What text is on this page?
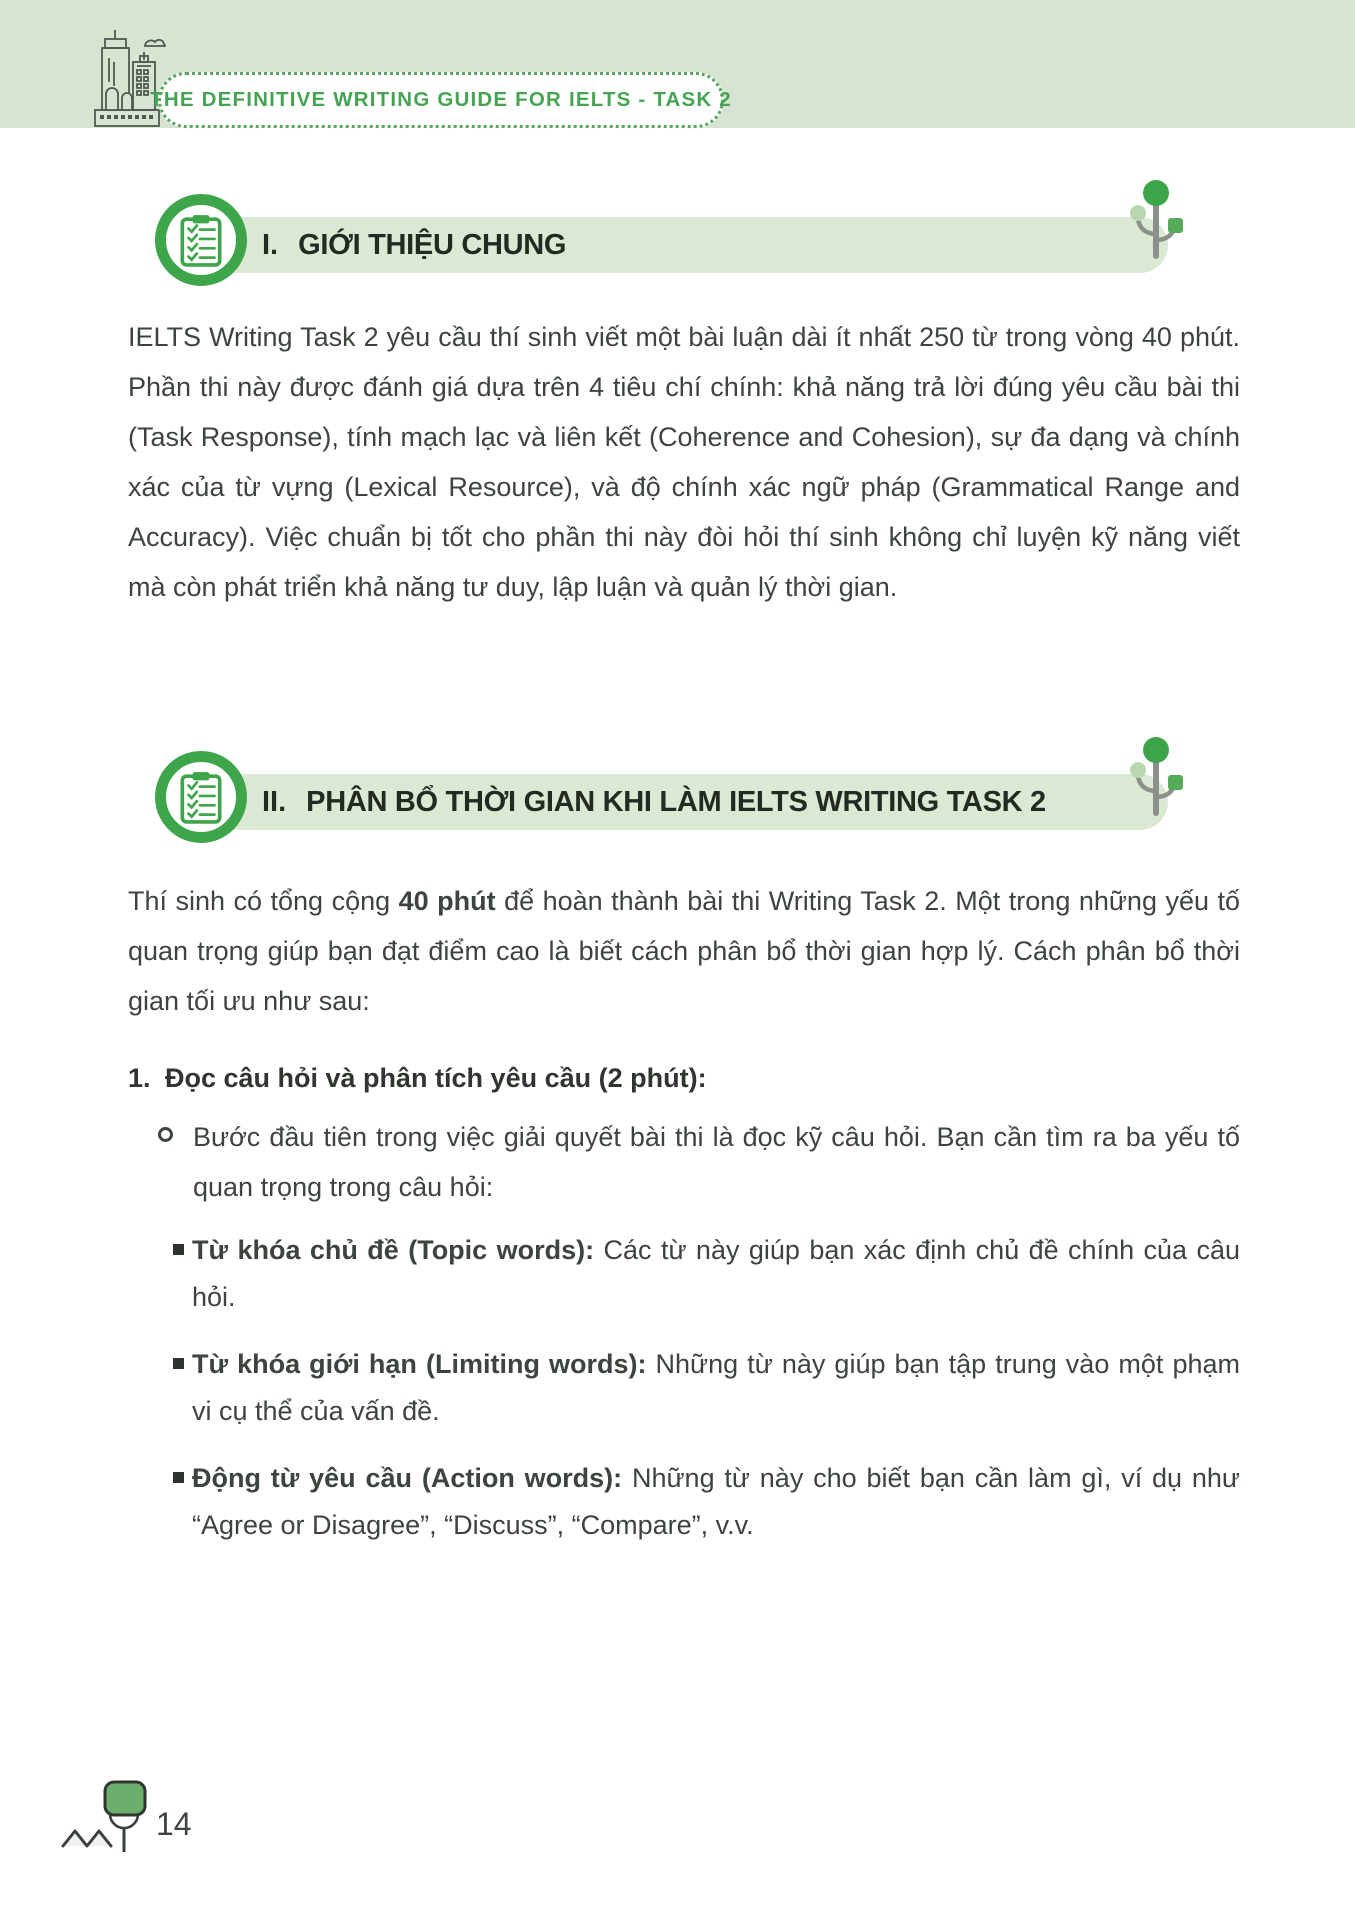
THE DEFINITIVE WRITING GUIDE FOR IELTS - TASK 2
I. GIỚI THIỆU CHUNG
IELTS Writing Task 2 yêu cầu thí sinh viết một bài luận dài ít nhất 250 từ trong vòng 40 phút. Phần thi này được đánh giá dựa trên 4 tiêu chí chính: khả năng trả lời đúng yêu cầu bài thi (Task Response), tính mạch lạc và liên kết (Coherence and Cohesion), sự đa dạng và chính xác của từ vựng (Lexical Resource), và độ chính xác ngữ pháp (Grammatical Range and Accuracy). Việc chuẩn bị tốt cho phần thi này đòi hỏi thí sinh không chỉ luyện kỹ năng viết mà còn phát triển khả năng tư duy, lập luận và quản lý thời gian.
II. PHÂN BỔ THỜI GIAN KHI LÀM IELTS WRITING TASK 2
Thí sinh có tổng cộng 40 phút để hoàn thành bài thi Writing Task 2. Một trong những yếu tố quan trọng giúp bạn đạt điểm cao là biết cách phân bổ thời gian hợp lý. Cách phân bổ thời gian tối ưu như sau:
1. Đọc câu hỏi và phân tích yêu cầu (2 phút):
Bước đầu tiên trong việc giải quyết bài thi là đọc kỹ câu hỏi. Bạn cần tìm ra ba yếu tố quan trọng trong câu hỏi:
Từ khóa chủ đề (Topic words): Các từ này giúp bạn xác định chủ đề chính của câu hỏi.
Từ khóa giới hạn (Limiting words): Những từ này giúp bạn tập trung vào một phạm vi cụ thể của vấn đề.
Động từ yêu cầu (Action words): Những từ này cho biết bạn cần làm gì, ví dụ như “Agree or Disagree”, “Discuss”, “Compare”, v.v.
14
